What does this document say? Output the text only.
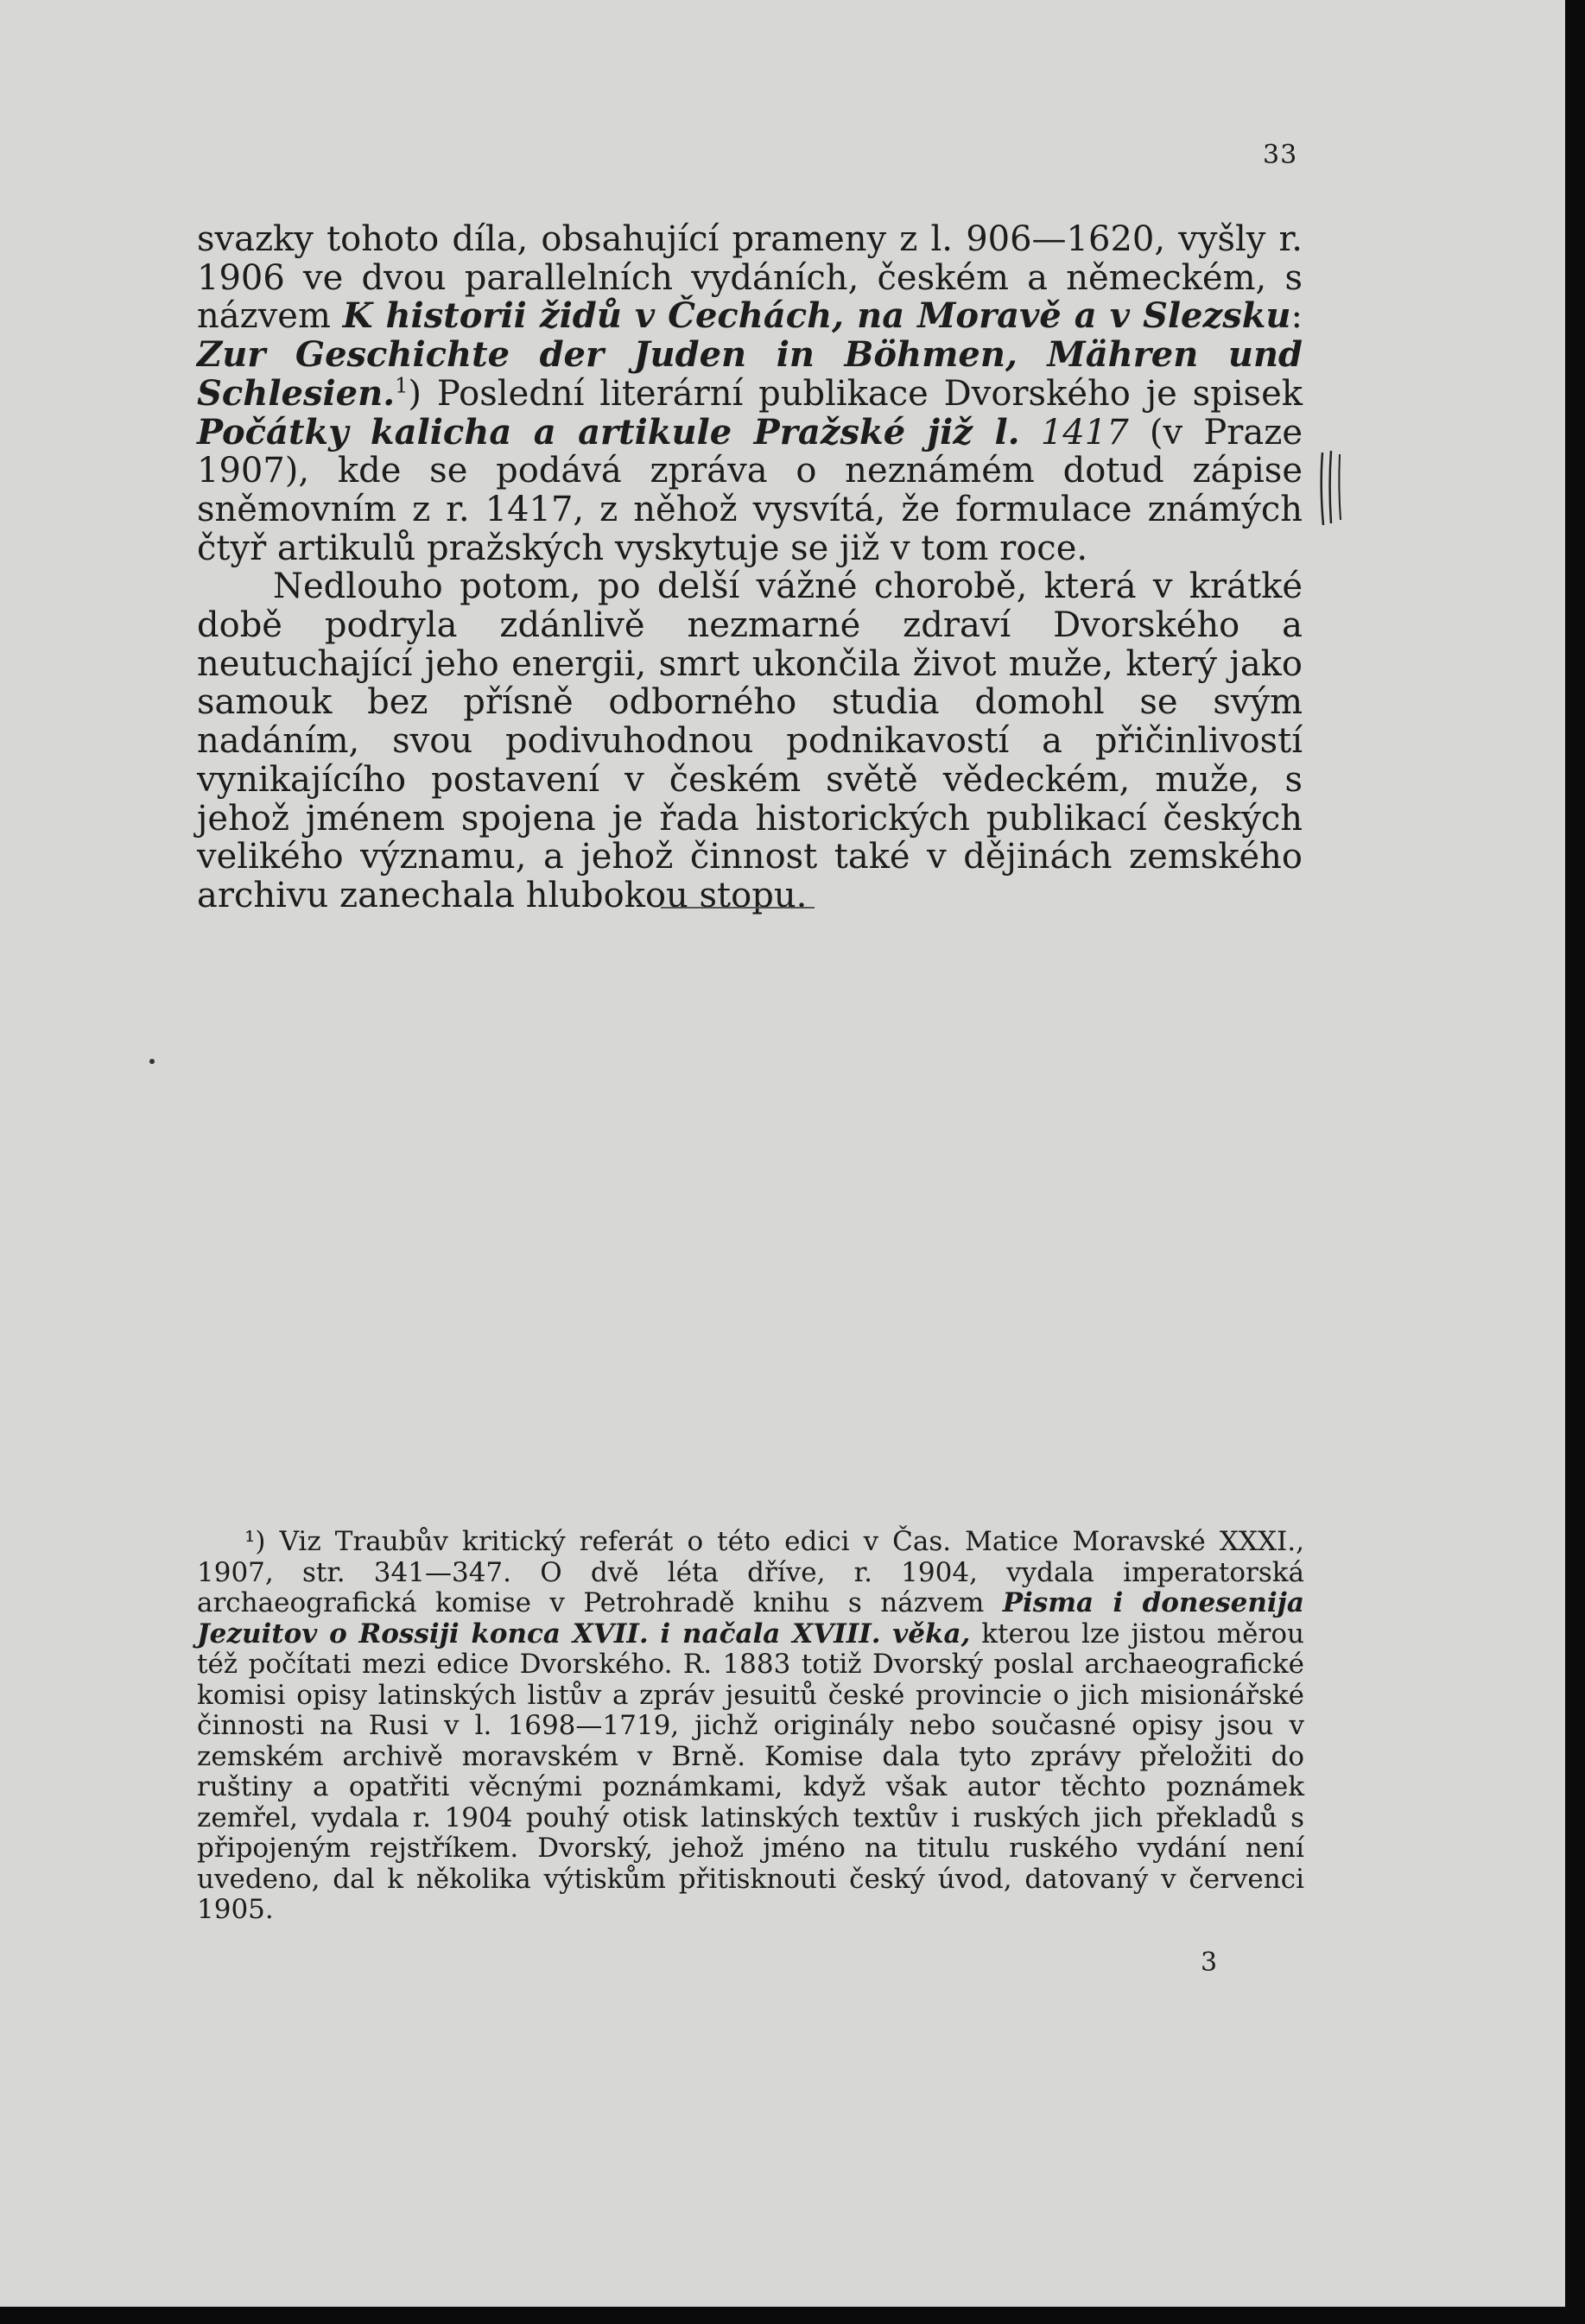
33

svazky tohoto díla, obsahující prameny z l. 906—1620, vyšly r. 1906 ve dvou parallelních vydáních, českém a německém, s názvem K historii židů v Čechách, na Moravě a v Slezsku: Zur Geschichte der Juden in Böhmen, Mähren und Schlesien.$^1$) Poslední literární publikace Dvorského je spisek Počátky kalicha a artikule Pražské již l. 1417 (v Praze 1907), kde se podává zpráva o neznámém dotud zápise sněmovním z r. 1417, z něhož vysvítá, že formulace známých čtyř artikulů pražských vyskytuje se již v tom roce.

Nedlouho potom, po delší vážné chorobě, která v krátké době podryla zdánlivě nezmarné zdraví Dvorského a neutuchající jeho energii, smrt ukončila život muže, který jako samouk bez přísně odborného studia domohl se svým nadáním, svou podivuhodnou podnikavostí a přičinlivostí vynikajícího postavení v českém světě vědeckém, muže, s jehož jménem spojena je řada historických publikací českých velikého významu, a jehož činnost také v dějinách zemského archivu zanechala hlubokou stopu.

¹) Viz Traubův kritický referát o této edici v Čas. Matice Moravské XXXI., 1907, str. 341—347. O dvě léta dříve, r. 1904, vydala imperatorská archaeografická komise v Petrohradě knihu s názvem Pisma i donesenija Jezuitov o Rossiji konca XVII. i načala XVIII. věka, kterou lze jistou měrou též počítati mezi edice Dvorského. R. 1883 totiž Dvorský poslal archaeografické komisi opisy latinských listův a zpráv jesuitů české provincie o jich misionářské činnosti na Rusi v l. 1698—1719, jichž originály nebo současné opisy jsou v zemském archivě moravském v Brně. Komise dala tyto zprávy přeložiti do ruštiny a opatřiti věcnými poznámkami, když však autor těchto poznámek zemřel, vydala r. 1904 pouhý otisk latinských textův i ruských jich překladů s připojeným rejstříkem. Dvorský, jehož jméno na titulu ruského vydání není uvedeno, dal k několika výtiskům přitisknouti český úvod, datovaný v červenci 1905.

3
